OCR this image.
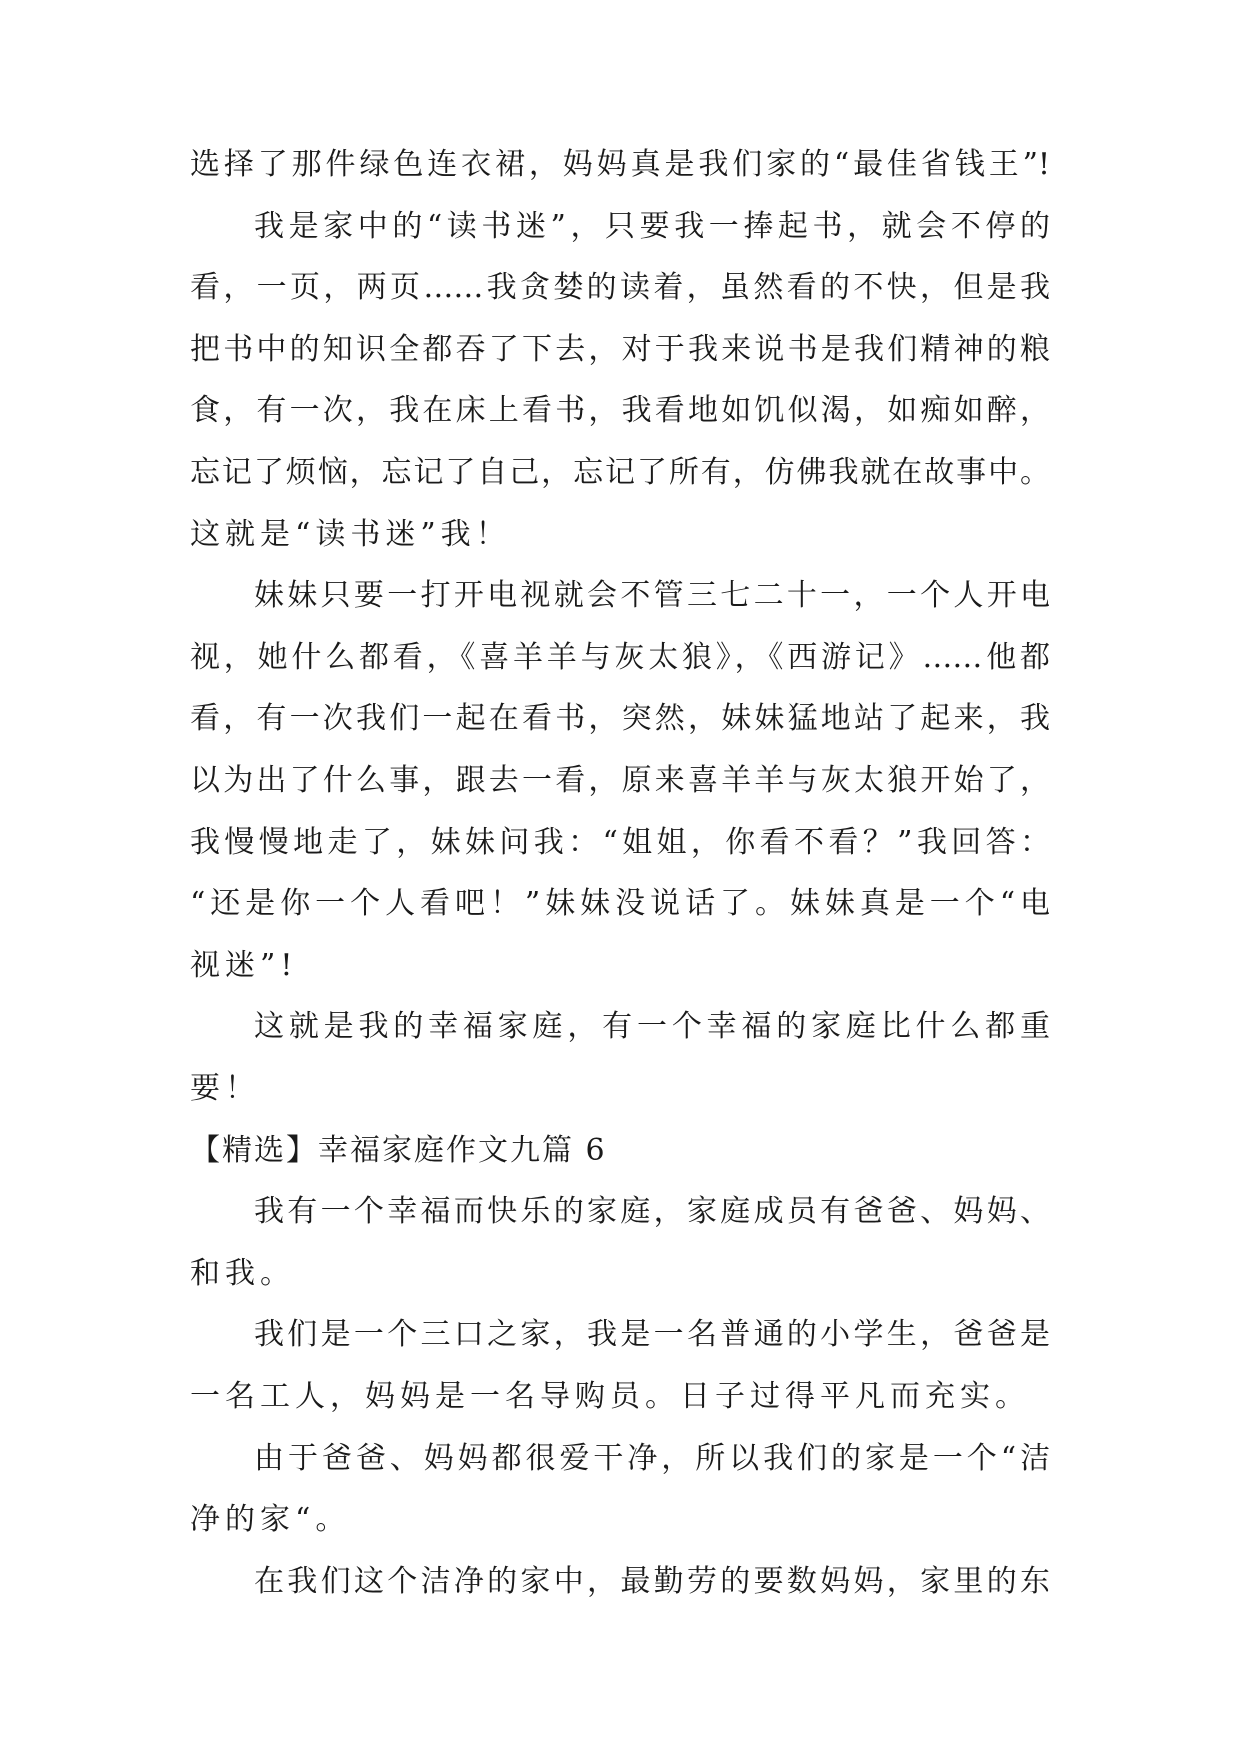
选择了那件绿色连衣裙，妈妈真是我们家的“最佳省钱王”!
我是家中的“读书迷”，只要我一捧起书，就会不停的
看，一页，两页……我贪婪的读着，虽然看的不快，但是我
把书中的知识全都吞了下去，对于我来说书是我们精神的粮
食，有一次，我在床上看书，我看地如饥似渴，如痴如醉，
忘记了烦恼，忘记了自己，忘记了所有，仿佛我就在故事中。
这就是“读书迷”我！
妹妹只要一打开电视就会不管三七二十一，一个人开电
视，她什么都看，《喜羊羊与灰太狼》，《西游记》……他都
看，有一次我们一起在看书，突然，妹妹猛地站了起来，我
以为出了什么事，跟去一看，原来喜羊羊与灰太狼开始了，
我慢慢地走了，妹妹问我：“姐姐，你看不看？”我回答：
“还是你一个人看吧！”妹妹没说话了。妹妹真是一个“电
视迷”!
这就是我的幸福家庭，有一个幸福的家庭比什么都重
要！
【精选】幸福家庭作文九篇 6
我有一个幸福而快乐的家庭，家庭成员有爸爸、妈妈、
和我。
我们是一个三口之家，我是一名普通的小学生，爸爸是
一名工人，妈妈是一名导购员。日子过得平凡而充实。
由于爸爸、妈妈都很爱干净，所以我们的家是一个“洁
净的家“。
在我们这个洁净的家中，最勤劳的要数妈妈，家里的东
